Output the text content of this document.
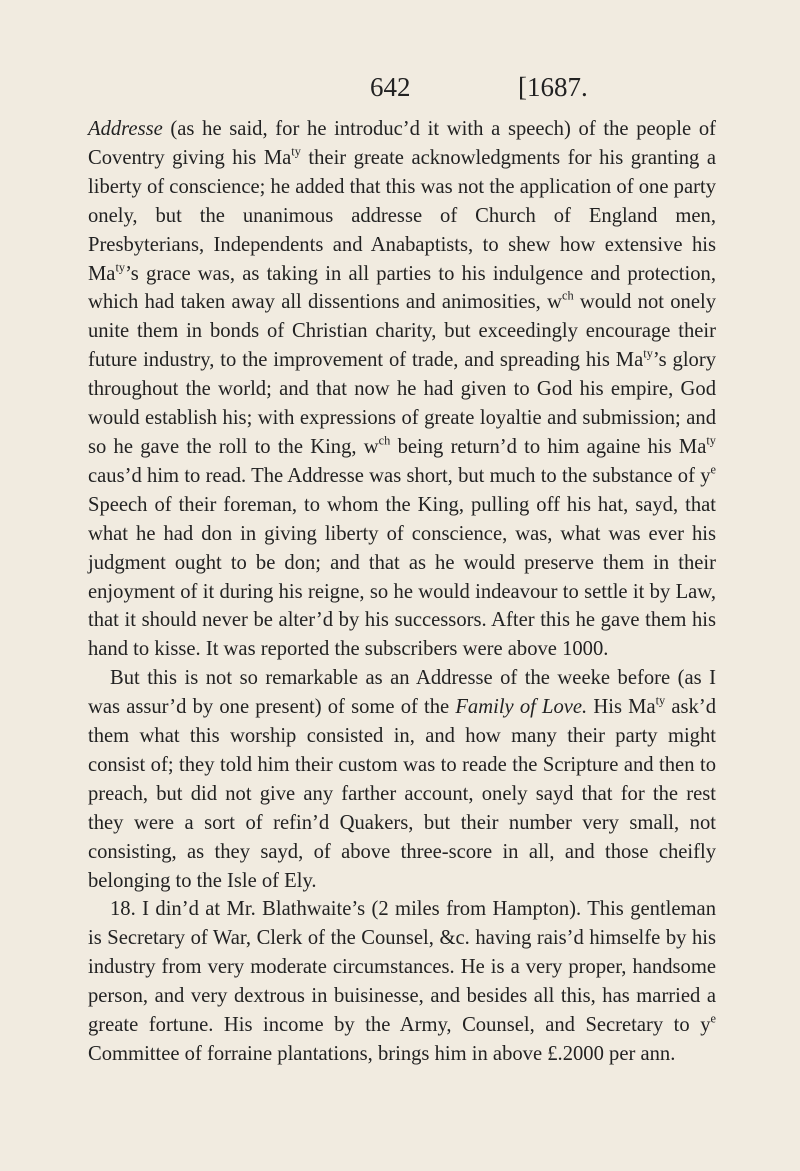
642	[1687.

Addresse (as he said, for he introduc’d it with a speech) of the people of Coventry giving his $Ma^{ty}$ their greate acknowledgments for his granting a liberty of conscience; he added that this was not the application of one party onely, but the unanimous addresse of Church of England men, Presbyterians, Independents and Anabaptists, to shew how extensive his $Ma^{ty}’s$ grace was, as taking in all parties to his indulgence and protection, which had taken away all dissentions and animosities, $w^{ch}$ would not onely unite them in bonds of Christian charity, but exceedingly encourage their future industry, to the improvement of trade, and spreading his $Ma^{ty}’s$ glory throughout the world; and that now he had given to God his empire, God would establish his; with expressions of greate loyaltie and submission; and so he gave the roll to the King, $w^{ch}$ being return’d to him againe his $Ma^{ty}$ caus’d him to read. The Addresse was short, but much to the substance of $y^e$ Speech of their foreman, to whom the King, pulling off his hat, sayd, that what he had don in giving liberty of conscience, was, what was ever his judgment ought to be don; and that as he would preserve them in their enjoyment of it during his reigne, so he would indeavour to settle it by Law, that it should never be alter’d by his successors. After this he gave them his hand to kisse. It was reported the subscribers were above 1000.

But this is not so remarkable as an Addresse of the weeke before (as I was assur’d by one present) of some of the Family of Love. His $Ma^{ty}$ ask’d them what this worship consisted in, and how many their party might consist of; they told him their custom was to reade the Scripture and then to preach, but did not give any farther account, onely sayd that for the rest they were a sort of refin’d Quakers, but their number very small, not consisting, as they sayd, of above three-score in all, and those cheifly belonging to the Isle of Ely.

18. I din’d at Mr. Blathwaite’s (2 miles from Hampton). This gentleman is Secretary of War, Clerk of the Counsel, &c. having rais’d himselfe by his industry from very moderate circumstances. He is a very proper, handsome person, and very dextrous in buisinesse, and besides all this, has married a greate fortune. His income by the Army, Counsel, and Secretary to $y^e$ Committee of forraine plantations, brings him in above £.2000 per ann.
